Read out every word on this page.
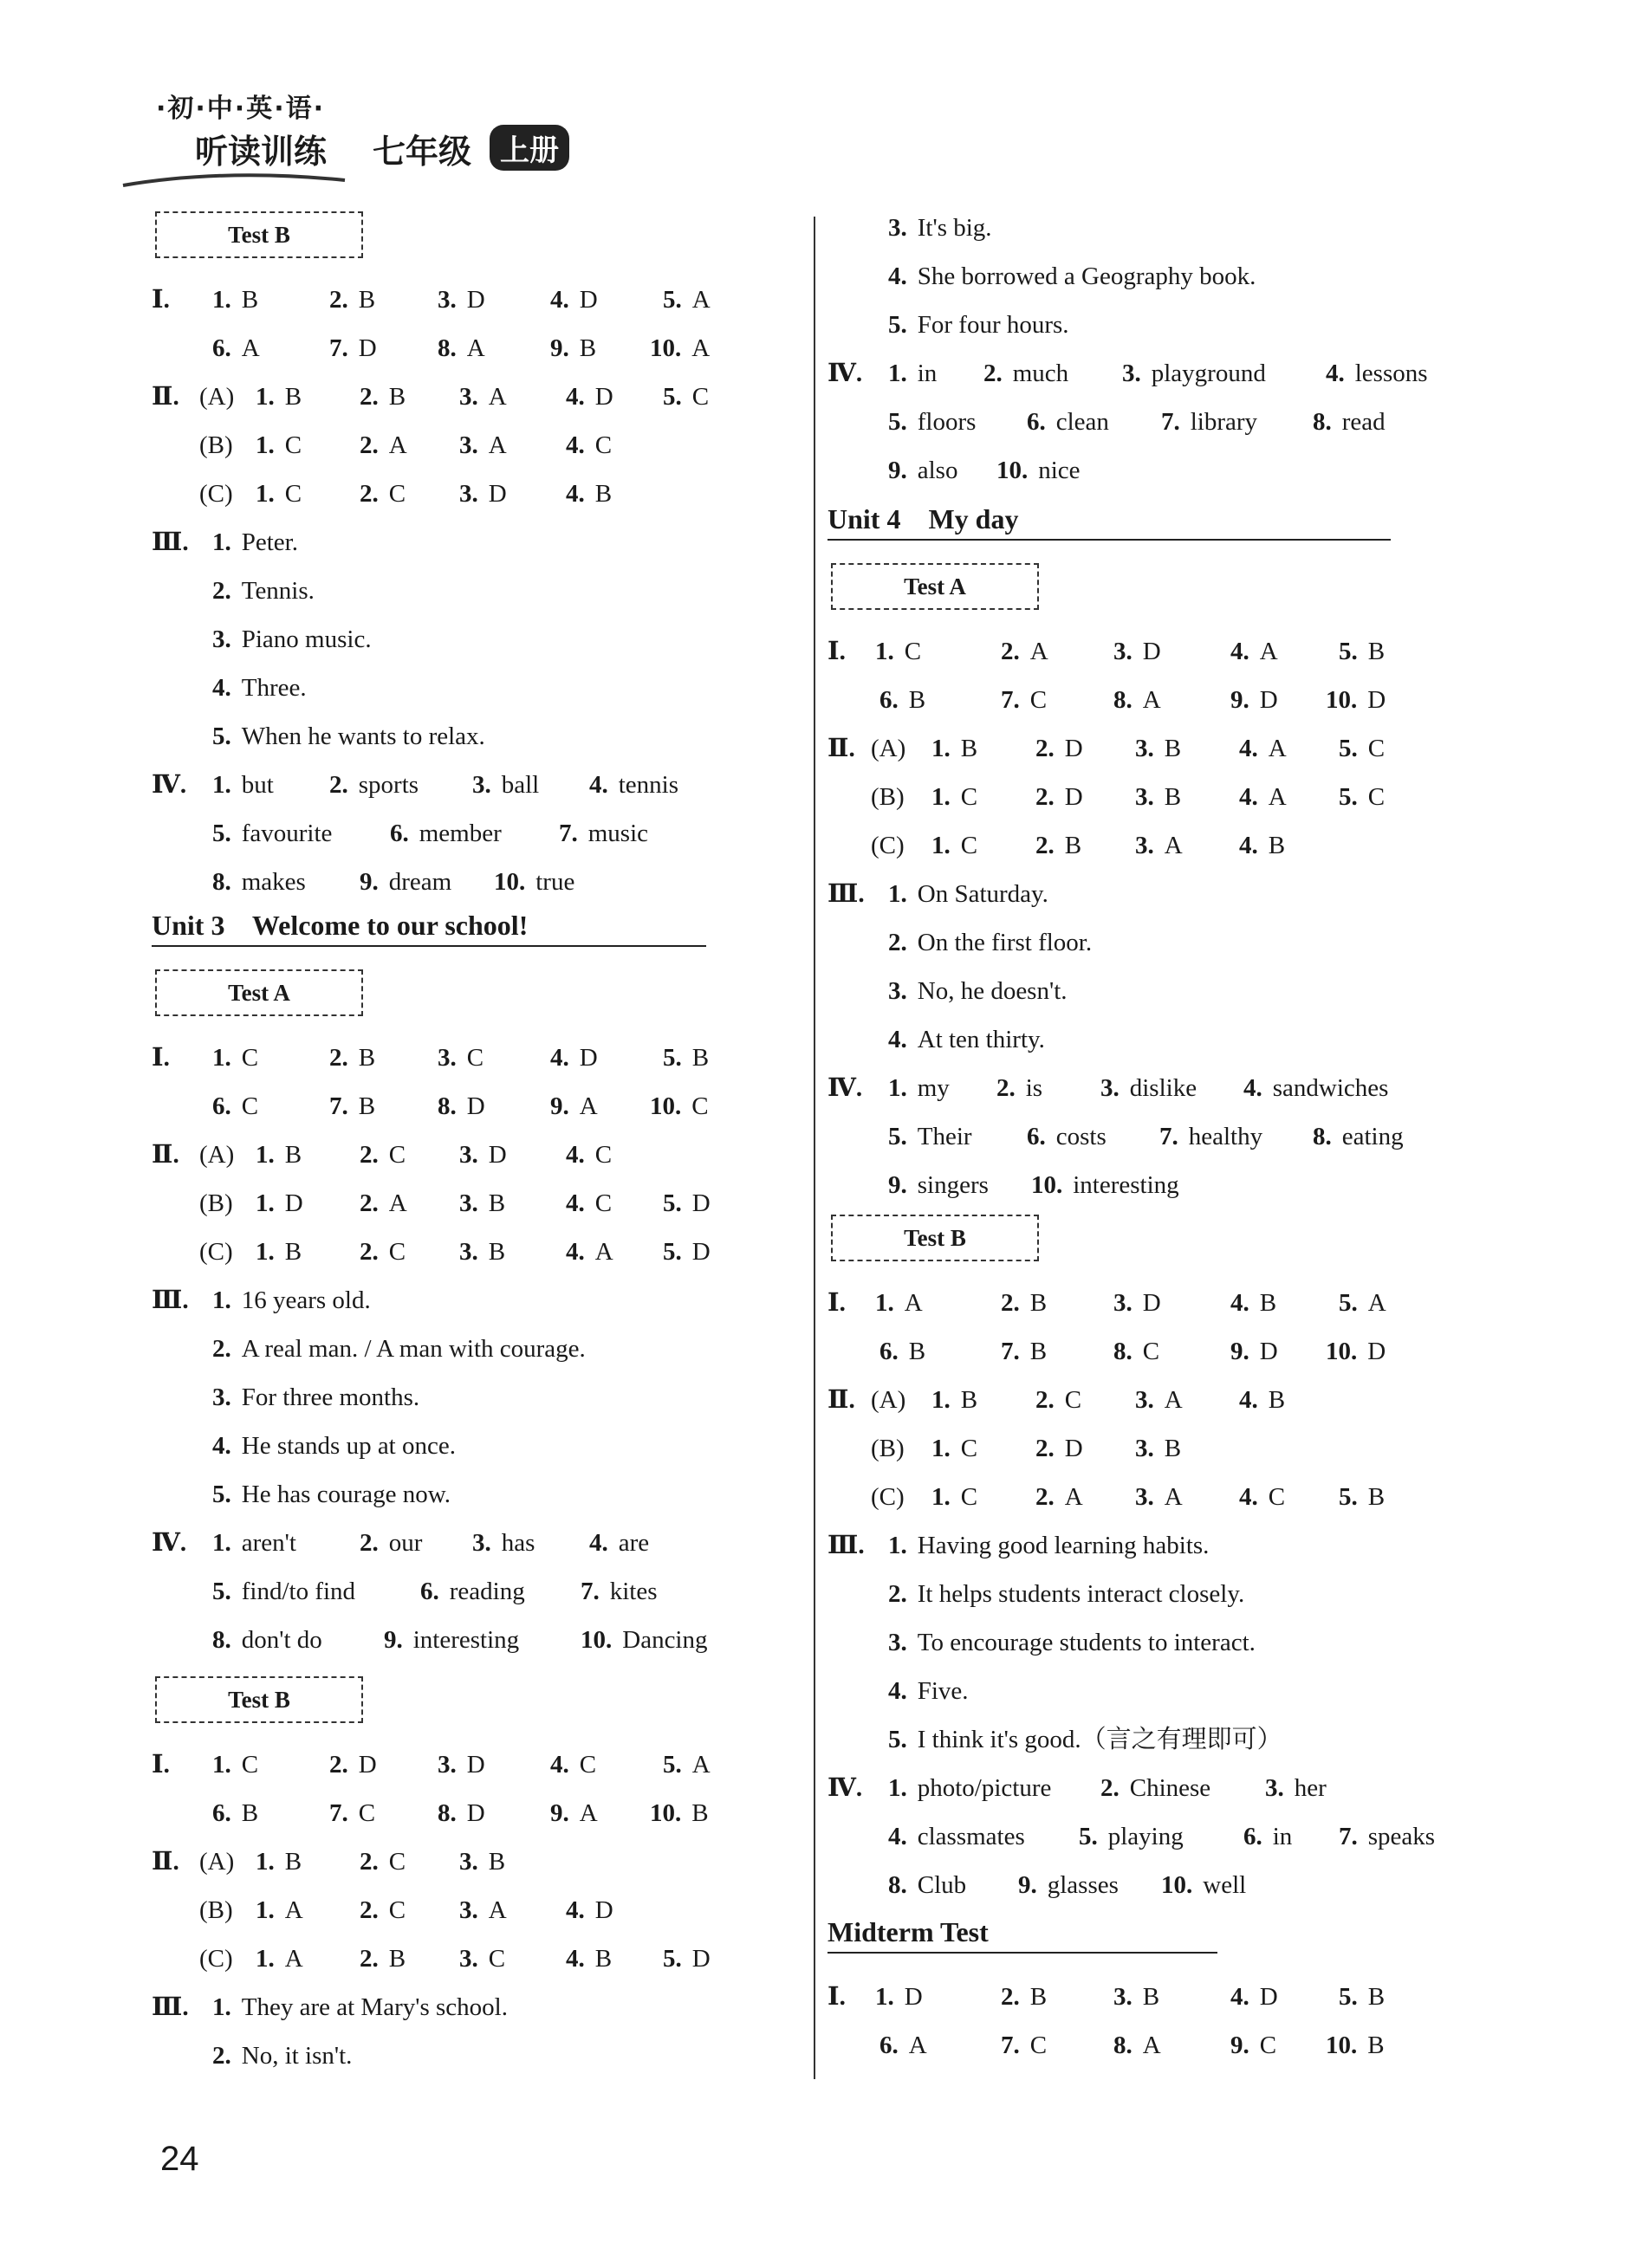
·初·中·英·语·
听读训练 七年级 上册
Test B
Ⅰ. 1. B	2. B 3. D	4. D	5. A
6. A	7. D 8. A	9. B 10. A
Ⅱ. (A) 1. B 2. B 3. A 4. D 5. C
(B) 1. C 2. A 3. A 4. C
(C) 1. C 2. C 3. D 4. B
Ⅲ. 1. Peter.
2. Tennis.
3. Piano music.
4. Three.
5. When he wants to relax.
Ⅳ. 1. but 2. sports 3. ball 4. tennis
5. favourite 6. member 7. music
8. makes 9. dream 10. true
Unit 3    Welcome to our school!
Test A
Ⅰ. 1. C	2. B 3. C	4. D	5. B
6. C	7. B 8. D	9. A 10. C
Ⅱ. (A) 1. B 2. C 3. D 4. C
(B) 1. D 2. A 3. B 4. C 5. D
(C) 1. B 2. C 3. B 4. A 5. D
Ⅲ. 1. 16 years old.
2. A real man. / A man with courage.
3. For three months.
4. He stands up at once.
5. He has courage now.
Ⅳ. 1. aren't	2. our 3. has 4. are
5. find/to find	6. reading 7. kites
8. don't do 9. interesting 10. Dancing
Test B
Ⅰ. 1. C	2. D 3. D	4. C	5. A
6. B	7. C 8. D	9. A 10. B
Ⅱ. (A) 1. B 2. C 3. B
(B) 1. A 2. C 3. A 4. D
(C) 1. A 2. B 3. C 4. B 5. D
Ⅲ. 1. They are at Mary's school.
2. No, it isn't.
3. It's big.
4. She borrowed a Geography book.
5. For four hours.
Ⅳ. 1. in 2. much 3. playground 4. lessons
5. floors 6. clean 7. library 8. read
9. also 10. nice
Unit 4    My day
Test A
Ⅰ. 1. C	2. A	3. D	4. A 5. B
6. B	7. C	8. A	9. D 10. D
Ⅱ. (A) 1. B 2. D 3. B 4. A 5. C
(B) 1. C 2. D 3. B 4. A 5. C
(C) 1. C 2. B 3. A 4. B
Ⅲ. 1. On Saturday.
2. On the first floor.
3. No, he doesn't.
4. At ten thirty.
Ⅳ. 1. my 2. is 3. dislike 4. sandwiches
5. Their 6. costs 7. healthy 8. eating
9. singers 10. interesting
Test B
Ⅰ. 1. A	2. B	3. D	4. B 5. A
6. B	7. B	8. C	9. D 10. D
Ⅱ. (A) 1. B 2. C 3. A 4. B
(B) 1. C 2. D 3. B
(C) 1. C 2. A 3. A 4. C 5. B
Ⅲ. 1. Having good learning habits.
2. It helps students interact closely.
3. To encourage students to interact.
4. Five.
5. I think it's good.（言之有理即可）
Ⅳ. 1. photo/picture 2. Chinese 3. her
4. classmates 5. playing 6. in 7. speaks
8. Club 9. glasses 10. well
Midterm Test
Ⅰ. 1. D	2. B	3. B	4. D 5. B
6. A	7. C	8. A	9. C 10. B
24
